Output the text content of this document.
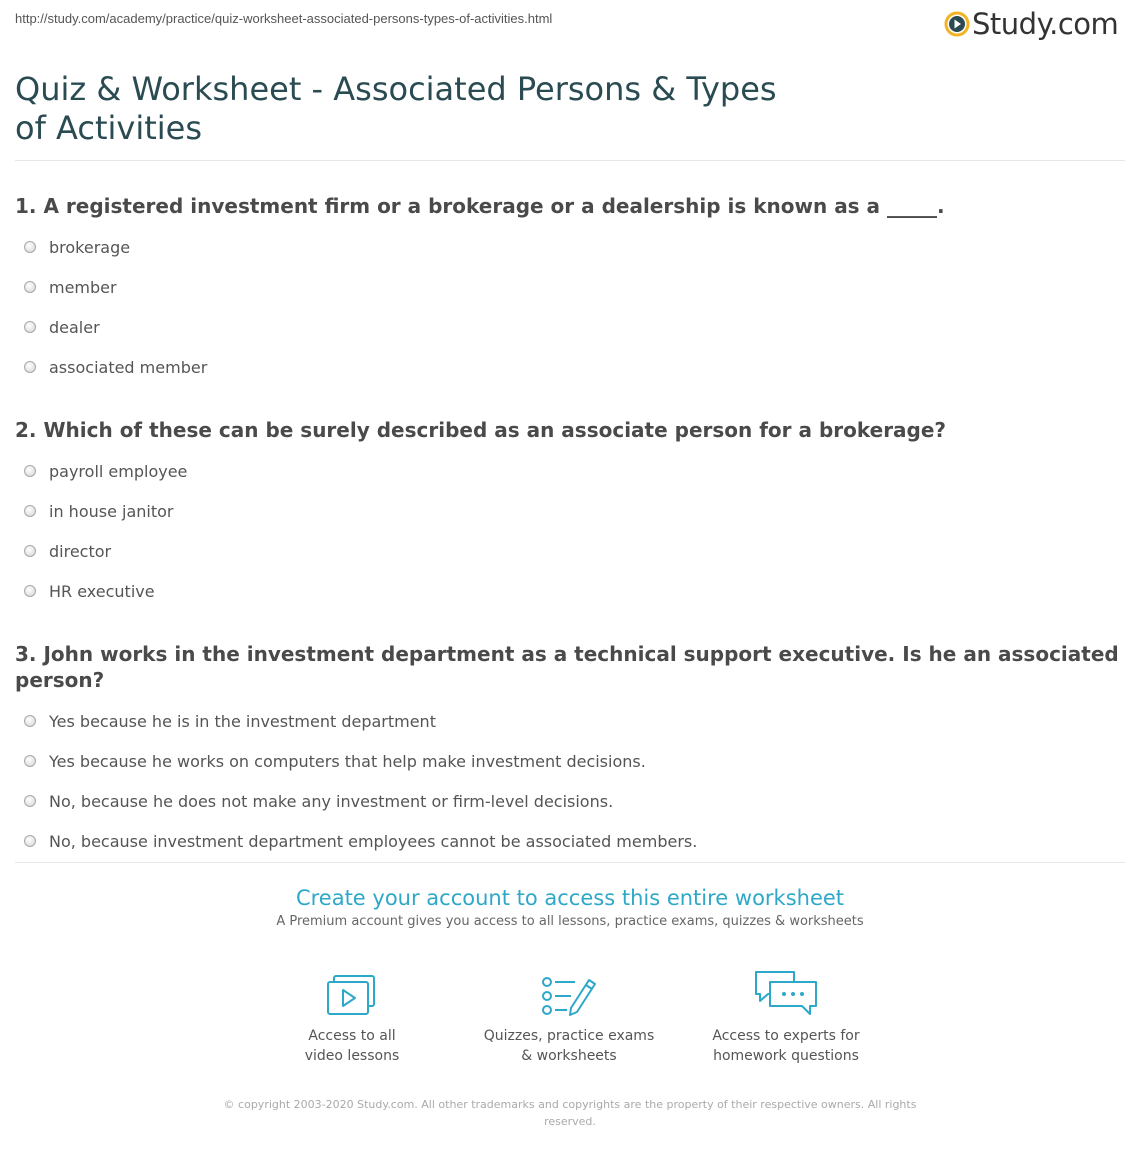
http://study.com/academy/practice/quiz-worksheet-associated-persons-types-of-activities.html	Study.com
Quiz & Worksheet - Associated Persons & Types of Activities

1. A registered investment firm or a brokerage or a dealership is known as a _____.

brokerage
member
dealer
associated member

2. Which of these can be surely described as an associate person for a brokerage?

payroll employee
in house janitor
director
HR executive

3. John works in the investment department as a technical support executive. Is he an associated person?

Yes because he is in the investment department
Yes because he works on computers that help make investment decisions.
No, because he does not make any investment or firm-level decisions.
No, because investment department employees cannot be associated members.
Create your account to access this entire worksheet

A Premium account gives you access to all lessons, practice exams, quizzes & worksheets

Access to all
video lessons
Quizzes, practice exams
& worksheets
Access to experts for
homework questions
© copyright 2003-2020 Study.com. All other trademarks and copyrights are the property of their respective owners. All rights
reserved.
